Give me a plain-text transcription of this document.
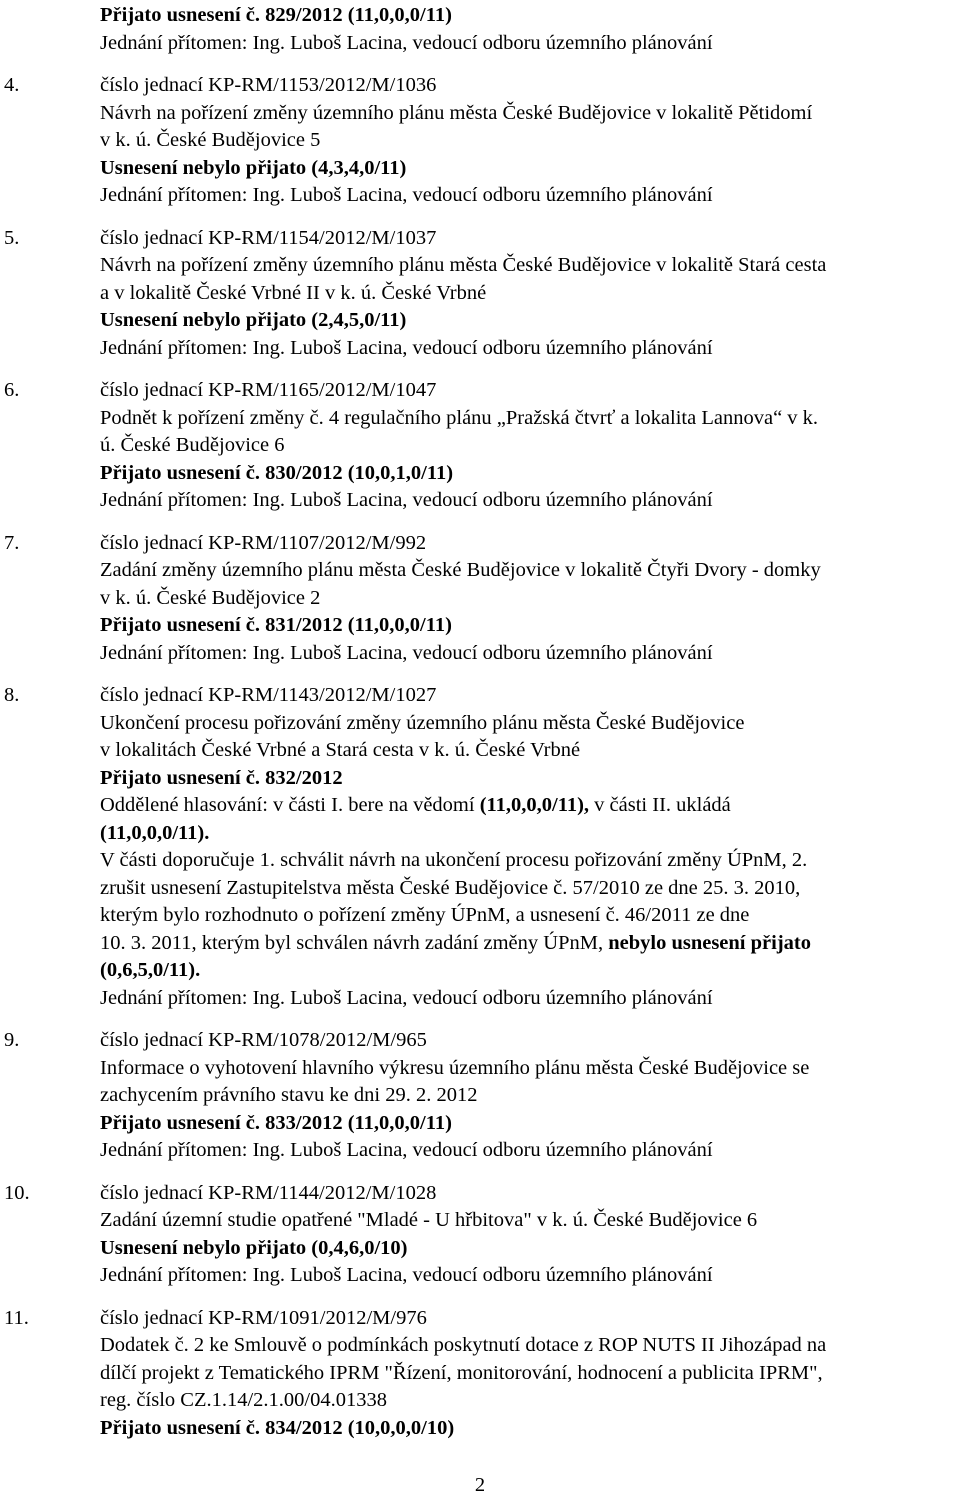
Přijato usnesení č. 829/2012 (11,0,0,0/11)
Jednání přítomen: Ing. Luboš Lacina, vedoucí odboru územního plánování
4.	číslo jednací KP-RM/1153/2012/M/1036
Návrh na pořízení změny územního plánu města České Budějovice v lokalitě Pětidomí
v k. ú. České Budějovice 5
Usnesení nebylo přijato (4,3,4,0/11)
Jednání přítomen: Ing. Luboš Lacina, vedoucí odboru územního plánování
5.	číslo jednací KP-RM/1154/2012/M/1037
Návrh na pořízení změny územního plánu města České Budějovice v lokalitě Stará cesta
a v lokalitě České Vrbné II v k. ú. České Vrbné
Usnesení nebylo přijato (2,4,5,0/11)
Jednání přítomen: Ing. Luboš Lacina, vedoucí odboru územního plánování
6.	číslo jednací KP-RM/1165/2012/M/1047
Podnět k pořízení změny č. 4 regulačního plánu „Pražská čtvrť a lokalita Lannova“ v k.
ú. České Budějovice 6
Přijato usnesení č. 830/2012 (10,0,1,0/11)
Jednání přítomen: Ing. Luboš Lacina, vedoucí odboru územního plánování
7.	číslo jednací KP-RM/1107/2012/M/992
Zadání změny územního plánu města České Budějovice v lokalitě Čtyři Dvory - domky
v k. ú. České Budějovice 2
Přijato usnesení č. 831/2012 (11,0,0,0/11)
Jednání přítomen: Ing. Luboš Lacina, vedoucí odboru územního plánování
8.	číslo jednací KP-RM/1143/2012/M/1027
Ukončení procesu pořizování změny územního plánu města České Budějovice
v lokalitách České Vrbné a Stará cesta v k. ú. České Vrbné
Přijato usnesení č. 832/2012
Oddělené hlasování: v části I. bere na vědomí (11,0,0,0/11), v části II. ukládá
(11,0,0,0/11).
V části doporučuje 1. schválit návrh na ukončení procesu pořizování změny ÚPnM, 2.
zrušit usnesení Zastupitelstva města České Budějovice č. 57/2010 ze dne 25. 3. 2010,
kterým bylo rozhodnuto o pořízení změny ÚPnM, a usnesení č. 46/2011 ze dne
10. 3. 2011, kterým byl schválen návrh zadání změny ÚPnM, nebylo usnesení přijato
(0,6,5,0/11).
Jednání přítomen: Ing. Luboš Lacina, vedoucí odboru územního plánování
9.	číslo jednací KP-RM/1078/2012/M/965
Informace o vyhotovení hlavního výkresu územního plánu města České Budějovice se
zachycením právního stavu ke dni 29. 2. 2012
Přijato usnesení č. 833/2012 (11,0,0,0/11)
Jednání přítomen: Ing. Luboš Lacina, vedoucí odboru územního plánování
10.	číslo jednací KP-RM/1144/2012/M/1028
Zadání územní studie opatřené "Mladé - U hřbitova" v k. ú. České Budějovice 6
Usnesení nebylo přijato (0,4,6,0/10)
Jednání přítomen: Ing. Luboš Lacina, vedoucí odboru územního plánování
11.	číslo jednací KP-RM/1091/2012/M/976
Dodatek č. 2 ke Smlouvě o podmínkách poskytnutí dotace z ROP NUTS II Jihozápad na
dílčí projekt z Tematického IPRM "Řízení, monitorování, hodnocení a publicita IPRM",
reg. číslo CZ.1.14/2.1.00/04.01338
Přijato usnesení č. 834/2012 (10,0,0,0/10)
2
